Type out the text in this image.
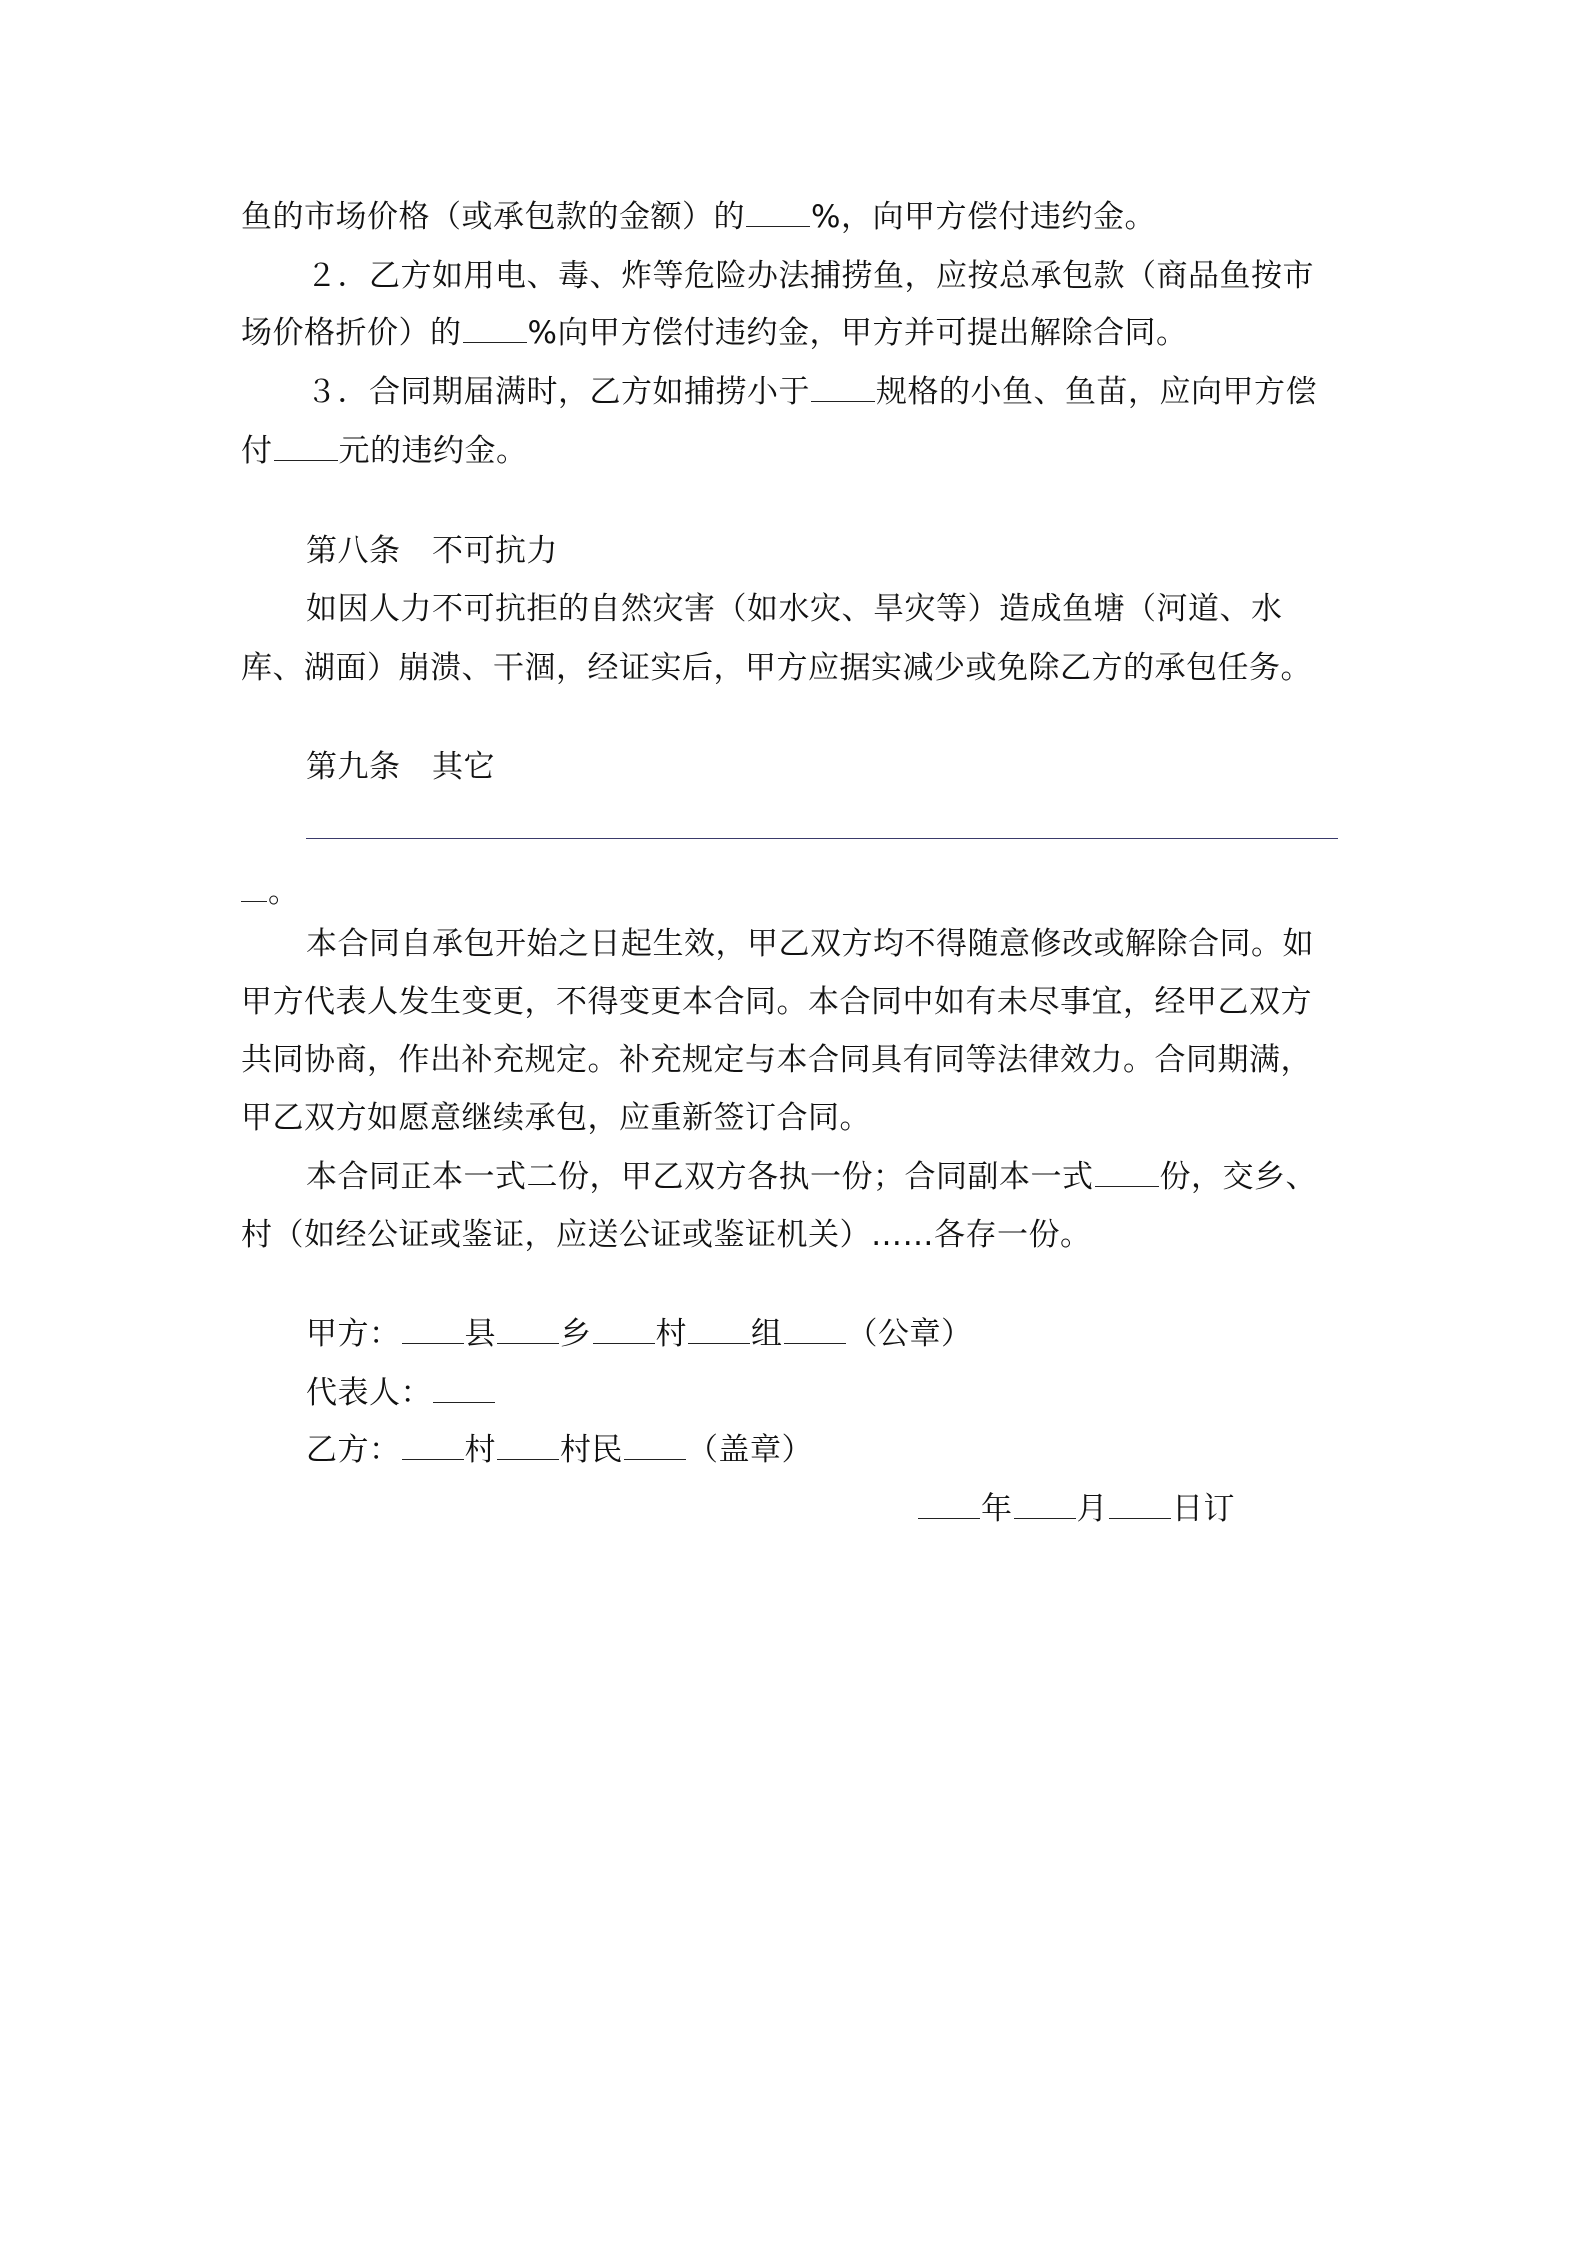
鱼的市场价格（或承包款的金额）的 %，向甲方偿付违约金。
２．乙方如用电、毒、炸等危险办法捕捞鱼，应按总承包款（商品鱼按市
场价格折价）的 %向甲方偿付违约金，甲方并可提出解除合同。
３．合同期届满时，乙方如捕捞小于 规格的小鱼、鱼苗，应向甲方偿
付 元的违约金。
第八条　不可抗力
如因人力不可抗拒的自然灾害（如水灾、旱灾等）造成鱼塘（河道、水
库、湖面）崩溃、干涸，经证实后，甲方应据实减少或免除乙方的承包任务。
第九条　其它
。
本合同自承包开始之日起生效，甲乙双方均不得随意修改或解除合同。如
甲方代表人发生变更，不得变更本合同。本合同中如有未尽事宜，经甲乙双方
共同协商，作出补充规定。补充规定与本合同具有同等法律效力。合同期满，
甲乙双方如愿意继续承包，应重新签订合同。
本合同正本一式二份，甲乙双方各执一份；合同副本一式 份，交乡、
村（如经公证或鉴证，应送公证或鉴证机关）……各存一份。
甲方： 县 乡 村 组 （公章）
代表人：
乙方： 村 村民 （盖章）
年 月 日订
